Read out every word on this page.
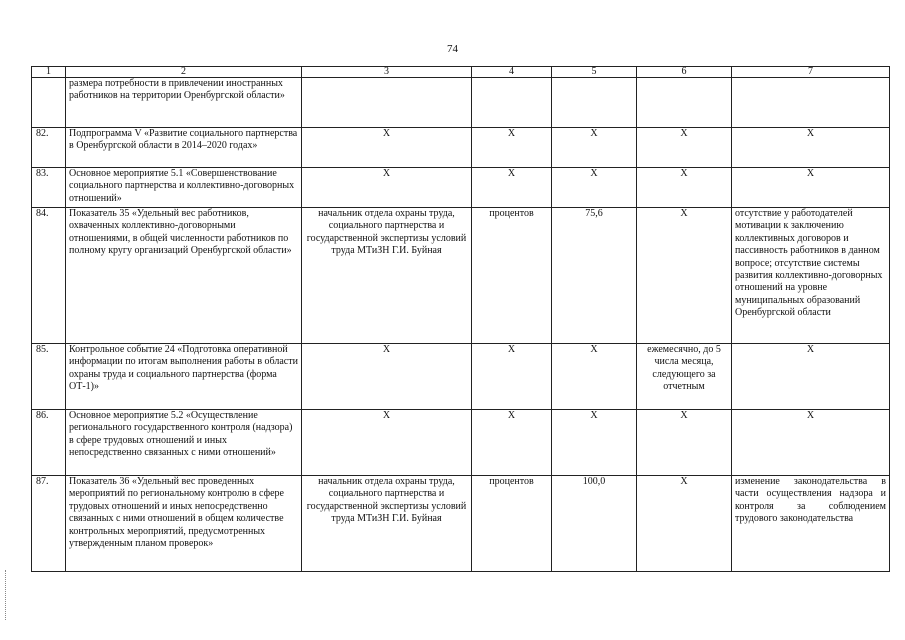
74
1	2	3	4	5	6	7
	размера потребности в привлечении иностранных работников на территории Оренбургской области»					
82.	Подпрограмма V «Развитие социального партнерства в Оренбургской области в 2014–2020 годах»	X	X	X	X	X
83.	Основное мероприятие 5.1 «Совершенствование социального партнерства и коллективно-договорных отношений»	X	X	X	X	X
84.	Показатель 35 «Удельный вес работников, охваченных коллективно-договорными отношениями, в общей численности работников по полному кругу организаций Оренбургской области»	начальник отдела охраны труда, социального партнерства и государственной экспертизы условий труда МТиЗН Г.И. Буйная	процентов	75,6	X	отсутствие у работодателей мотивации к заключению коллективных договоров и пассивность работников в данном вопросе; отсутствие системы развития коллективно-договорных отношений на уровне муниципальных образований Оренбургской области
85.	Контрольное событие 24 «Подготовка оперативной информации по итогам выполнения работы в области охраны труда и социального партнерства (форма ОТ-1)»	X	X	X	ежемесячно, до 5 числа месяца, следующего за отчетным	X
86.	Основное мероприятие 5.2 «Осуществление регионального государственного контроля (надзора) в сфере трудовых отношений и иных непосредственно связанных с ними отношений»	X	X	X	X	X
87.	Показатель 36 «Удельный вес проведенных мероприятий по региональному контролю в сфере трудовых отношений и иных непосредственно связанных с ними отношений в общем количестве контрольных мероприятий, предусмотренных утвержденным планом проверок»	начальник отдела охраны труда, социального партнерства и государственной экспертизы условий труда МТиЗН Г.И. Буйная	процентов	100,0	X	изменение законодательства в части осуществления надзора и контроля за соблюдением трудового законодательства
